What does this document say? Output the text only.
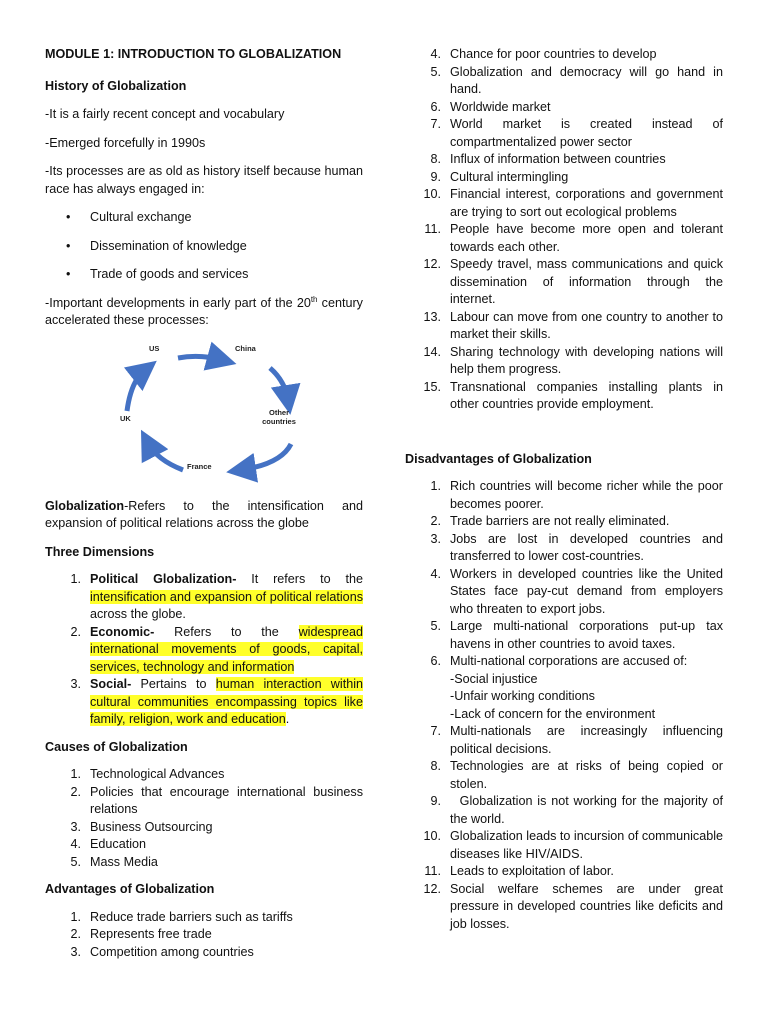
MODULE 1: INTRODUCTION TO GLOBALIZATION

History of Globalization

-It is a fairly recent concept and vocabulary

-Emerged forcefully in 1990s

-Its processes are as old as history itself because human race has always engaged in:

• Cultural exchange
• Dissemination of knowledge
• Trade of goods and services

-Important developments in early part of the 20th century accelerated these processes:

US	China
Other countries
UK
France

Globalization-Refers to the intensification and expansion of political relations across the globe

Three Dimensions

1. Political Globalization- It refers to the intensification and expansion of political relations across the globe.
2. Economic- Refers to the widespread international movements of goods, capital, services, technology and information
3. Social- Pertains to human interaction within cultural communities encompassing topics like family, religion, work and education.

Causes of Globalization

1. Technological Advances
2. Policies that encourage international business relations
3. Business Outsourcing
4. Education
5. Mass Media

Advantages of Globalization

1. Reduce trade barriers such as tariffs
2. Represents free trade
3. Competition among countries
4. Chance for poor countries to develop
5. Globalization and democracy will go hand in hand.
6. Worldwide market
7. World market is created instead of compartmentalized power sector
8. Influx of information between countries
9. Cultural intermingling
10. Financial interest, corporations and government are trying to sort out ecological problems
11. People have become more open and tolerant towards each other.
12. Speedy travel, mass communications and quick dissemination of information through the internet.
13. Labour can move from one country to another to market their skills.
14. Sharing technology with developing nations will help them progress.
15. Transnational companies installing plants in other countries provide employment.

Disadvantages of Globalization

1. Rich countries will become richer while the poor becomes poorer.
2. Trade barriers are not really eliminated.
3. Jobs are lost in developed countries and transferred to lower cost-countries.
4. Workers in developed countries like the United States face pay-cut demand from employers who threaten to export jobs.
5. Large multi-national corporations put-up tax havens in other countries to avoid taxes.
6. Multi-national corporations are accused of:
-Social injustice
-Unfair working conditions
-Lack of concern for the environment
7. Multi-nationals are increasingly influencing political decisions.
8. Technologies are at risks of being copied or stolen.
9. Globalization is not working for the majority of the world.
10. Globalization leads to incursion of communicable diseases like HIV/AIDS.
11. Leads to exploitation of labor.
12. Social welfare schemes are under great pressure in developed countries like deficits and job losses.
